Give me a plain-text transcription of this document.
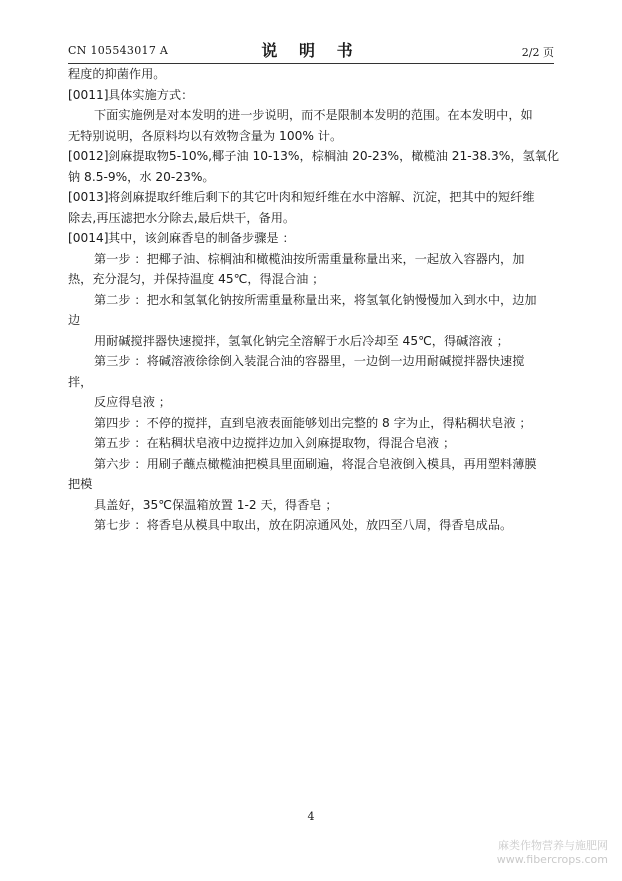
CN 105543017 A	说 明 书	2/2 页
程度的抑菌作用。
[0011]具体实施方式：
下面实施例是对本发明的进一步说明，而不是限制本发明的范围。在本发明中，如
无特别说明，各原料均以有效物含量为 100% 计。
[0012]剑麻提取物5-10%,椰子油 10-13%，棕榈油 20-23%，橄榄油 21-38.3%，氢氧化
钠 8.5-9%，水 20-23%。
[0013]将剑麻提取纤维后剩下的其它叶肉和短纤维在水中溶解、沉淀，把其中的短纤维
除去,再压滤把水分除去,最后烘干，备用。
[0014]其中，该剑麻香皂的制备步骤是 ：
第一步 ：把椰子油、棕榈油和橄榄油按所需重量称量出来，一起放入容器内，加
热，充分混匀，并保持温度 45℃，得混合油 ；
第二步 ：把水和氢氧化钠按所需重量称量出来，将氢氧化钠慢慢加入到水中，边加
边
用耐碱搅拌器快速搅拌，氢氧化钠完全溶解于水后冷却至 45℃，得碱溶液 ；
第三步 ：将碱溶液徐徐倒入装混合油的容器里，一边倒一边用耐碱搅拌器快速搅
拌，
反应得皂液 ；
第四步 ：不停的搅拌，直到皂液表面能够划出完整的 8 字为止，得粘稠状皂液 ；
第五步 ：在粘稠状皂液中边搅拌边加入剑麻提取物，得混合皂液 ；
第六步 ：用刷子蘸点橄榄油把模具里面刷遍，将混合皂液倒入模具，再用塑料薄膜
把模
具盖好，35℃保温箱放置 1-2 天，得香皂 ；
第七步 ：将香皂从模具中取出，放在阴凉通风处，放四至八周，得香皂成品。
4
麻类作物营养与施肥网
www.fibercrops.com
